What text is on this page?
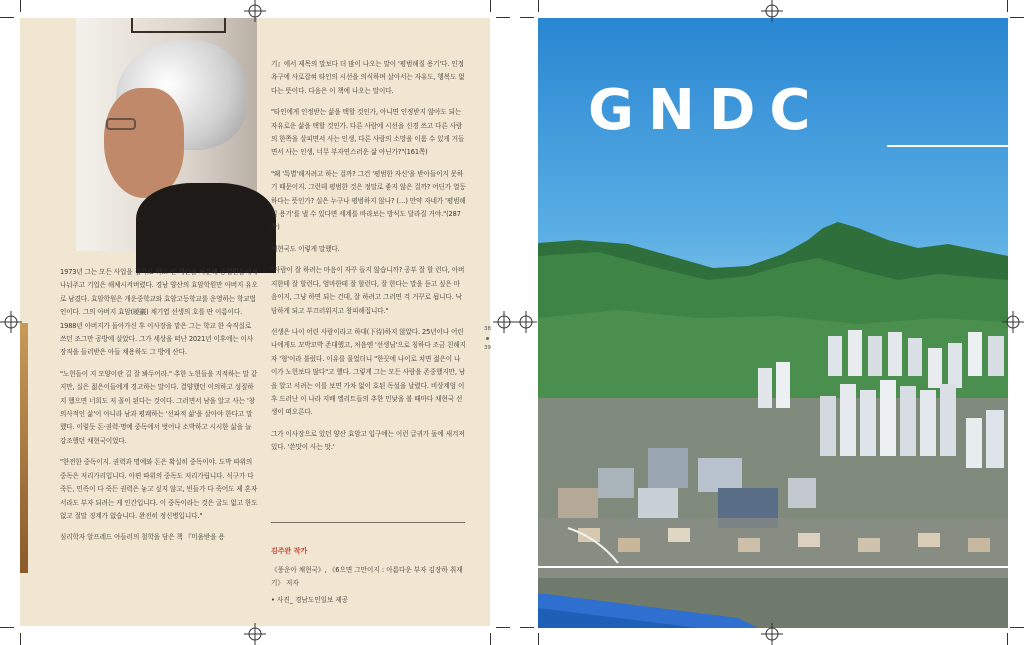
1973년 그는 모든 사업을 접기로 하고 전 재산을 처분해 종업원들에게 나눠주고 기업은 해체시켜버렸다. 경남 양산의 효암학원만 아버지 유오로 남겼다. 효암학원은 개운중학교와 효암고등학교를 운영하는 학교법인이다. 그의 아버지 효암(曉巖) 채기엽 선생의 호를 딴 이름이다. 1988년 아버지가 돌아가신 후 이사장을 맡은 그는 학교 한 숙직실로 쓰던 조그만 공방에 살았다. 그가 세상을 떠난 2021년 이후에는 이사장직을 들러받은 아들 채용하도 그 방에 산다.

"노헌들이 지 모양이란 길 잘 봐두어라." 추한 노헌들을 지적하는 말 같지만, 실은 젊은이들에게 경고하는 말이다. 결양했던 이의하고 성질하지 했으면 너희도 저 꼴이 된다는 것이다. 그러면서 남을 알고 사는 '창의사적인 삶'이 아니라 남과 평쾌하는 '선파적 삶'을 살아야 한다고 말했다. 이렇듯 돈·권력·명예 중독에서 벗어나 소박하고 시시한 삶을 늘 강조했던 채현국이었다.

"한전한 중독이지. 권력과 명예와 돈은 확실히 중독이야. 도박 따위의 중독은 저리가리입니다. 아편 따위의 중독도 저리가립니다. 식구가 다 죽든, 민족이 다 죽든 권력은 놓고 싶지 않고, 빈들가 다 죽어도 제 혼자서라도 부자 되려는 게 인간입니다. 이 중독이라는 것은 굴도 없고 한도 없고 절말 징계가 없습니다. 완전히 정신병입니다."

심리학자 알프레드 아들러의 철학을 담은 책 『미움받을 용

기』에서 제목의 말보다 더 많이 나오는 말이 '평범해질 용기'다. 인정욕구에 사로잡혀 타인의 시선을 의식하며 살아서는 자유도, 행복도 없다는 뜻이다. 다음은 이 책에 나오는 말이다.

"타인에게 인정받는 삶을 택할 것인가, 아니면 인정받지 않아도 되는 자유로운 삶을 택할 것인가. 다른 사람에 시선을 신경 쓰고 다른 사람의 한쪽을 살피면서 사는 인생, 다른 사람의 소망을 이룸 수 있게 거들면서 사는 인생, 너무 부자연스러운 삶 아닌가?"(161쪽)

"왜 '특별'해지려고 하는 걸까? 그건 '평범한 자신'을 받아들이지 못하기 때문이지. 그런데 평범한 것은 정말로 좋지 않은 걸까? 어딘가 열등하다는 뜻인가? 실은 누구나 평범하지 않나? (…) 만약 자네가 '평범해질 용기'를 낼 수 있다면 세계를 바라보는 방식도 달라질 거야."(287쪽)

채현국도 이렇게 말했다.

"사람이 잘 하려는 마음이 자꾸 들지 않습니까? 공부 잘 할 런다, 아버지한테 잘 할런다, 엄마한테 잘 할런다, 잘 한다는 말을 듣고 싶은 마음이지, 그냥 하면 되는 건데, 잘 하려고 그러면 걱 거꾸로 됩니다. 낙담하게 되고 부끄러워지고 창피해집니다."

선생은 나이 어린 사람이라고 하대(下待)하지 않았다. 25년이나 어린 나에게도 꼬박꼬박 존대했고, 처음엔 '선생님'으로 칭하다 조금 친해지자 '형'이라 불렀다. 이유를 물었더니 "한끗에 나이로 치면 젊은이 나이가 노헌보다 많다"고 했다. 그렇게 그는 모든 사람을 존중했지만, 남을 알고 서려는 이를 보면 가차 없이 호된 독설을 날렸다. 비상계엄 이후 드러난 이 나라 지배 엘리트들의 추한 민낯을 볼 때마다 채현국 선생이 떠오른다.

그가 이사장으로 있던 양산 효암고 입구에는 이런 글귀가 돌에 새겨져 있다. '쓴맛이 사는 맛.'

김주완 작가
《풍운아 채현국》, 《6으면 그만이지 : 아름다운 부자 김장하 취재기》 저자
• 사진_ 경남도민일보 제공
38
39
GNDC
